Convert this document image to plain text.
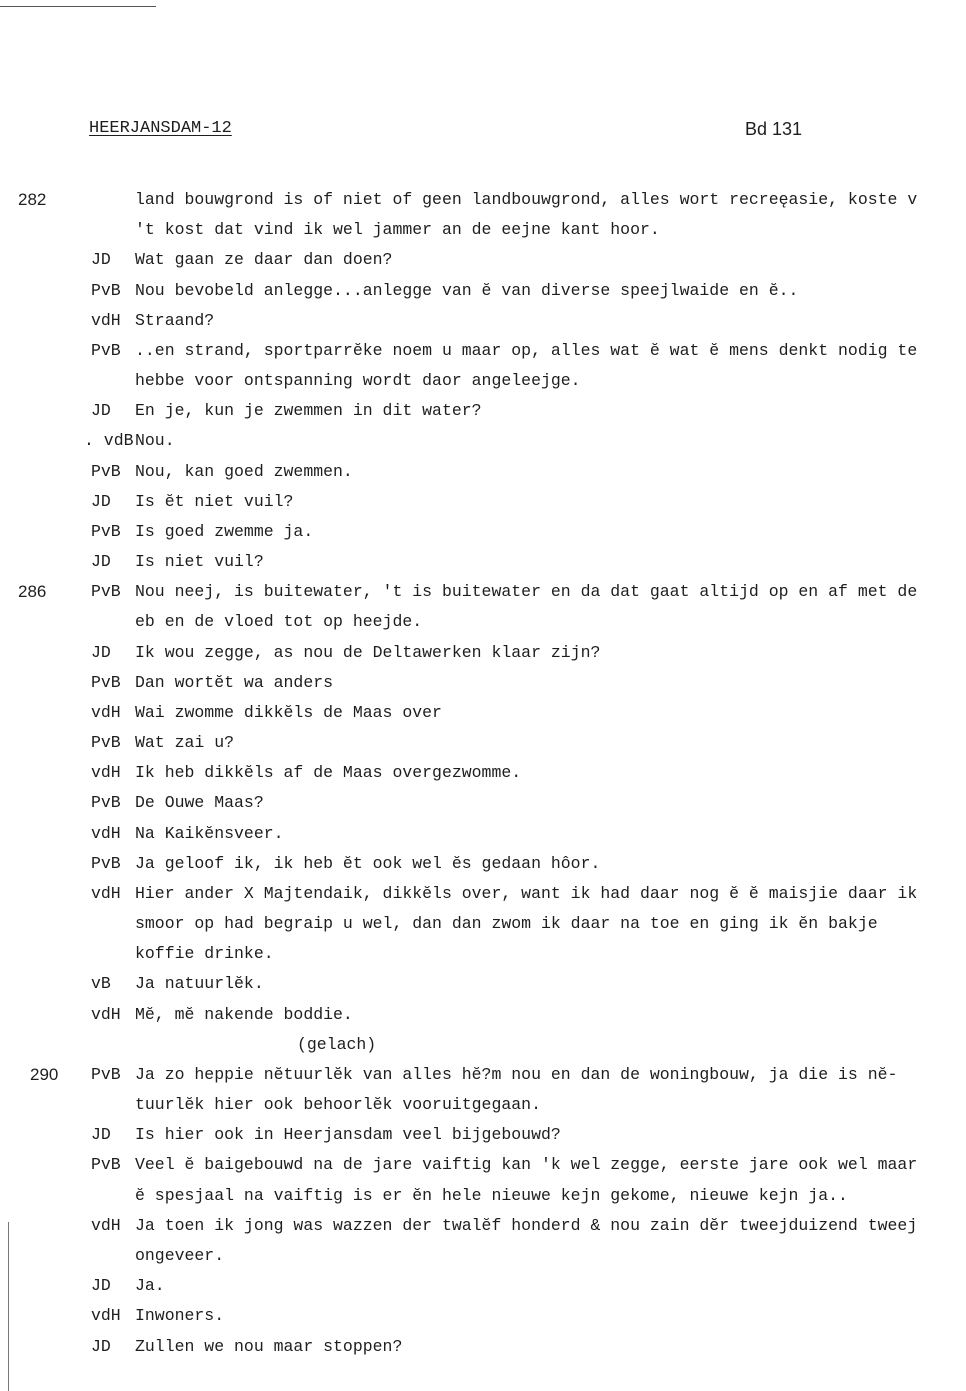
HEERJANSDAM-12	Bd 131
282	land bouwgrond is of niet of geen landbouwgrond, alles wort recreęasie, koste v
't kost dat vind ik wel jammer an de eejne kant hoor.
JD Wat gaan ze daar dan doen?
PvB Nou bevobeld anlegge...anlegge van ĕ van diverse speejlwaide en ĕ..
vdH Straand?
PvB ..en strand, sportparrĕke noem u maar op, alles wat ĕ wat ĕ mens denkt nodig te
hebbe voor ontspanning wordt daor angeleejge.
JD En je, kun je zwemmen in dit water?
. vdB Nou.
PvB Nou, kan goed zwemmen.
JD Is ĕt niet vuil?
PvB Is goed zwemme ja.
JD Is niet vuil?
286	PvB Nou neej, is buitewater, 't is buitewater en da dat gaat altijd op en af met de
eb en de vloed tot op heejde.
JD Ik wou zegge, as nou de Deltawerken klaar zijn?
PvB Dan wortĕt wa anders
vdH Wai zwomme dikkĕls de Maas over
PvB Wat zai u?
vdH Ik heb dikkĕls af de Maas overgezwomme.
PvB De Ouwe Maas?
vdH Na Kaikĕnsveer.
PvB Ja geloof ik, ik heb ĕt ook wel ĕs gedaan hôor.
vdH Hier ander X Majtendaik, dikkĕls over, want ik had daar nog ĕ ĕ maisjie daar ik
smoor op had begraip u wel, dan dan zwom ik daar na toe en ging ik ĕn bakje
koffie drinke.
vB Ja natuurlĕk.
vdH Mĕ, mĕ nakende boddie.
(gelach)
290 PvB Ja zo heppie nĕtuurlĕk van alles hĕ?m nou en dan de woningbouw, ja die is nĕ-
tuurlĕk hier ook behoorlĕk vooruitgegaan.
JD Is hier ook in Heerjansdam veel bijgebouwd?
PvB Veel ĕ baigebouwd na de jare vaiftig kan 'k wel zegge, eerste jare ook wel maar
ĕ spesjaal na vaiftig is er ĕn hele nieuwe kejn gekome, nieuwe kejn ja..
vdH Ja toen ik jong was wazzen der twalĕf honderd & nou zain dĕr tweejduizend tweej
ongeveer.
JD Ja.
vdH Inwoners.
JD Zullen we nou maar stoppen?
